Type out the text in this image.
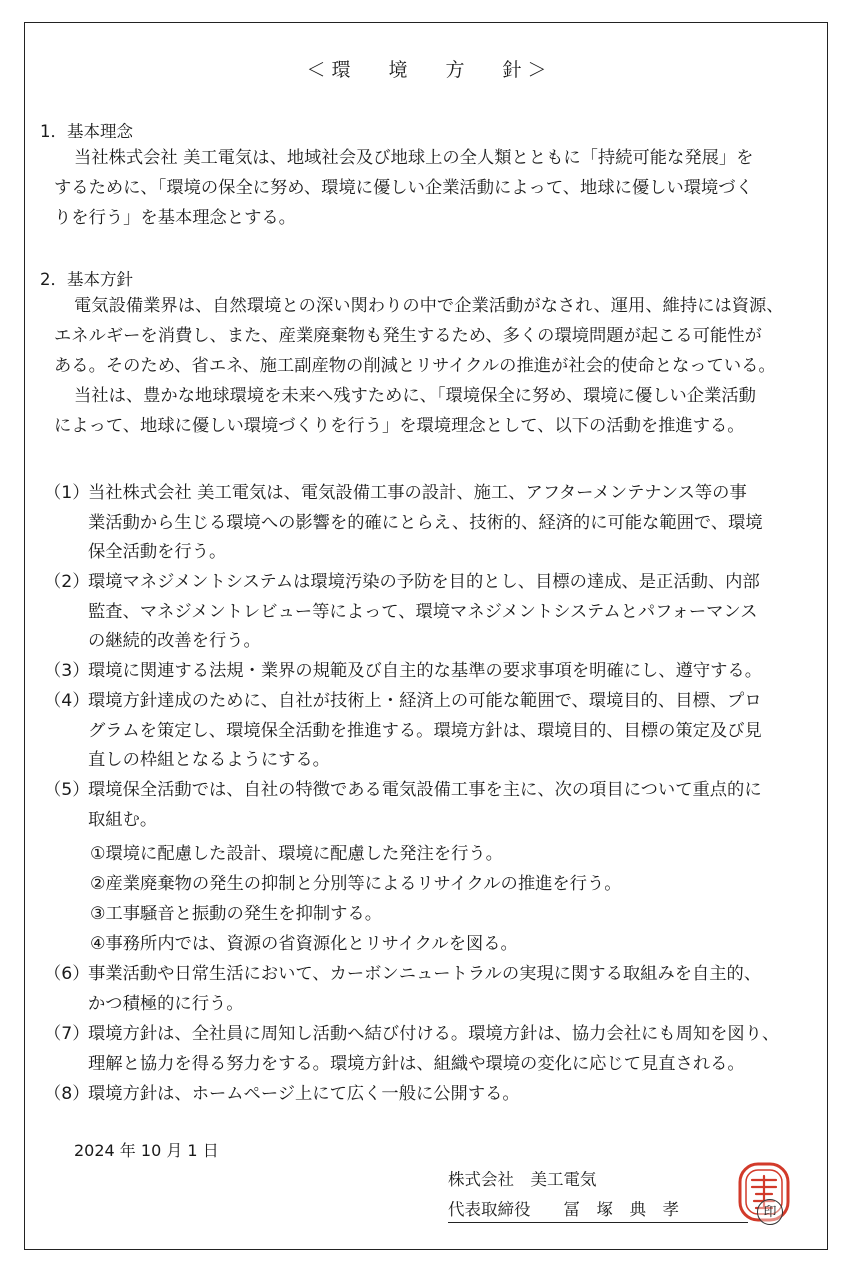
＜ 環　　境　　方　　針 ＞
1．基本理念
当社株式会社 美工電気は、地域社会及び地球上の全人類とともに「持続可能な発展」を
するために、「環境の保全に努め、環境に優しい企業活動によって、地球に優しい環境づく
りを行う」を基本理念とする。
2．基本方針
電気設備業界は、自然環境との深い関わりの中で企業活動がなされ、運用、維持には資源、
エネルギーを消費し、また、産業廃棄物も発生するため、多くの環境問題が起こる可能性が
ある。そのため、省エネ、施工副産物の削減とリサイクルの推進が社会的使命となっている。
当社は、豊かな地球環境を未来へ残すために、「環境保全に努め、環境に優しい企業活動
によって、地球に優しい環境づくりを行う」を環境理念として、以下の活動を推進する。
（1）
当社株式会社 美工電気は、電気設備工事の設計、施工、アフターメンテナンス等の事
業活動から生じる環境への影響を的確にとらえ、技術的、経済的に可能な範囲で、環境
保全活動を行う。
（2）
環境マネジメントシステムは環境汚染の予防を目的とし、目標の達成、是正活動、内部
監査、マネジメントレビュー等によって、環境マネジメントシステムとパフォーマンス
の継続的改善を行う。
（3）
環境に関連する法規・業界の規範及び自主的な基準の要求事項を明確にし、遵守する。
（4）
環境方針達成のために、自社が技術上・経済上の可能な範囲で、環境目的、目標、プロ
グラムを策定し、環境保全活動を推進する。環境方針は、環境目的、目標の策定及び見
直しの枠組となるようにする。
（5）
環境保全活動では、自社の特徴である電気設備工事を主に、次の項目について重点的に
取組む。
①環境に配慮した設計、環境に配慮した発注を行う。
②産業廃棄物の発生の抑制と分別等によるリサイクルの推進を行う。
③工事騒音と振動の発生を抑制する。
④事務所内では、資源の省資源化とリサイクルを図る。
（6）
事業活動や日常生活において、カーボンニュートラルの実現に関する取組みを自主的、
かつ積極的に行う。
（7）
環境方針は、全社員に周知し活動へ結び付ける。環境方針は、協力会社にも周知を図り、
理解と協力を得る努力をする。環境方針は、組織や環境の変化に応じて見直される。
（8）
環境方針は、ホームページ上にて広く一般に公開する。
2024 年 10 月 1 日
株式会社　美工電気
代表取締役　　冨　塚　典　孝	印
